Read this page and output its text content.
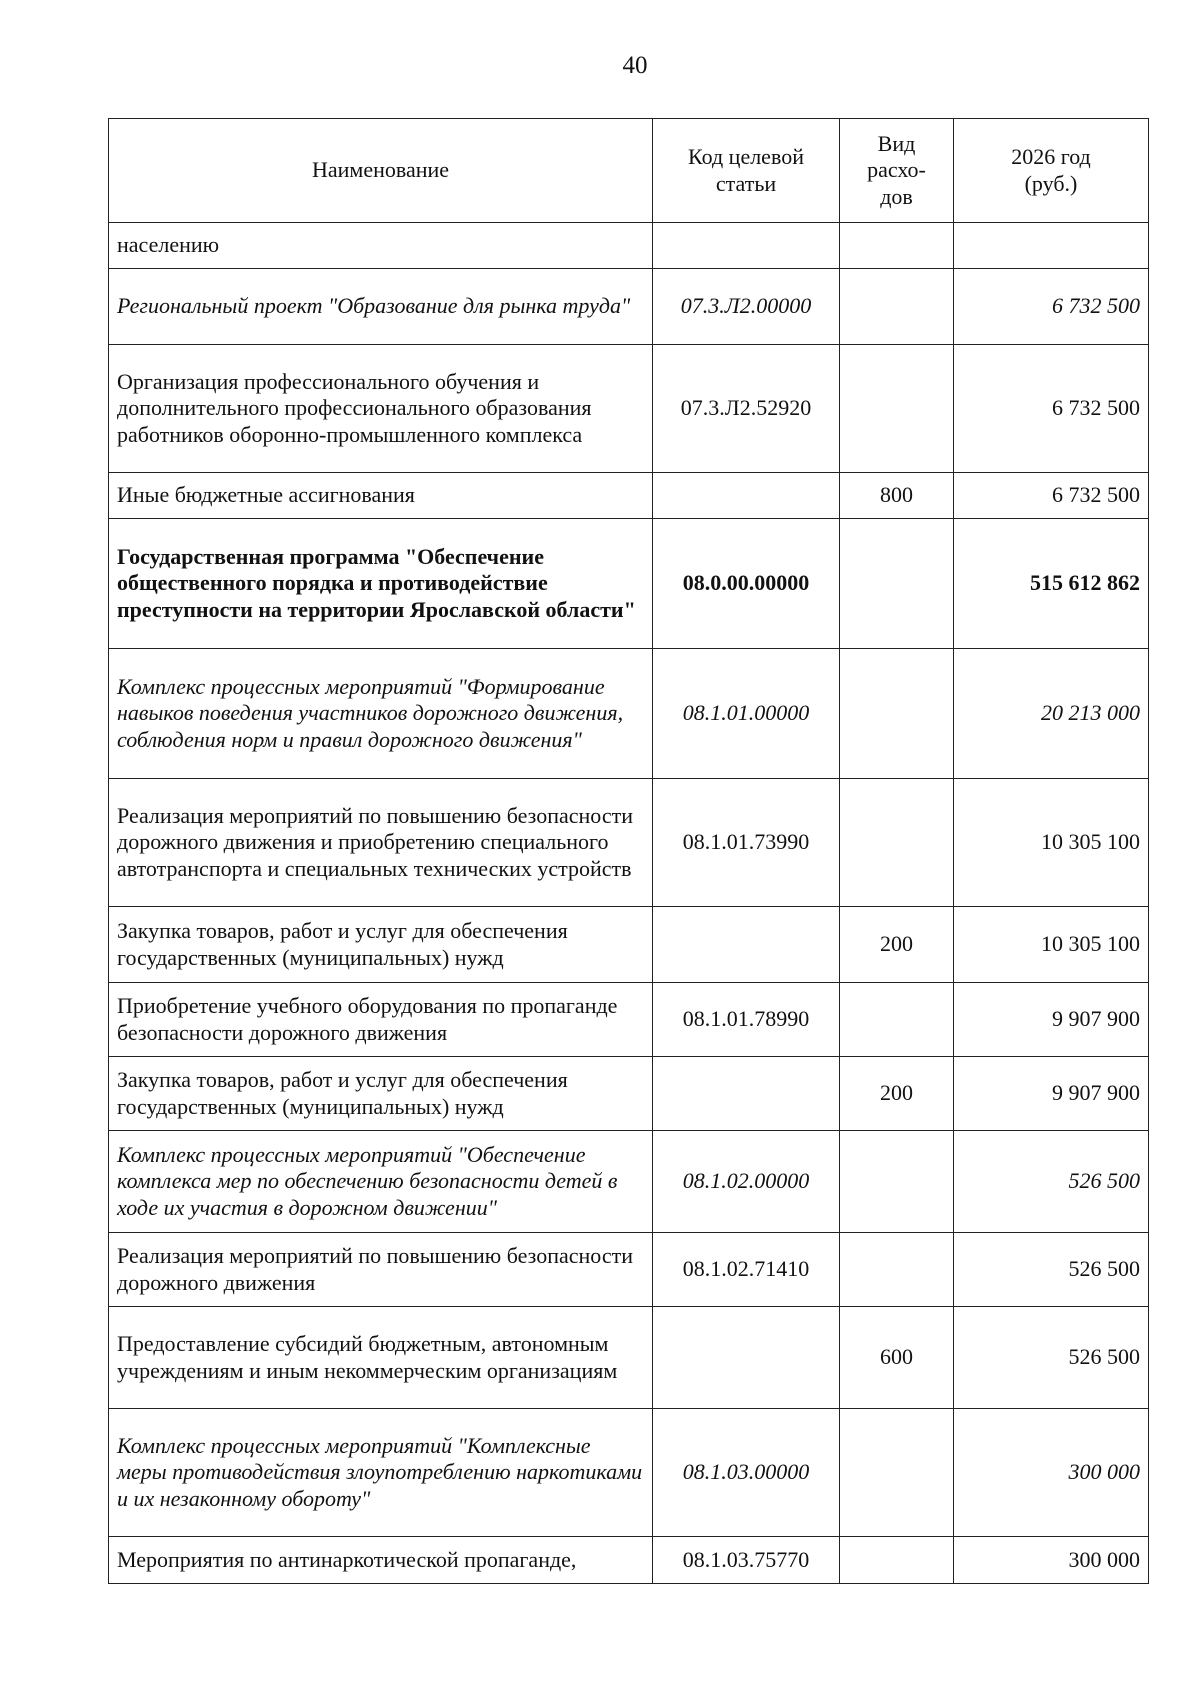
40
Наименование	Код целевой статьи	Вид расхо-дов	2026 год (руб.)
населению			
Региональный проект "Образование для рынка труда"	07.3.Л2.00000		6 732 500
Организация профессионального обучения и дополнительного профессионального образования работников оборонно-промышленного комплекса	07.3.Л2.52920		6 732 500
Иные бюджетные ассигнования		800	6 732 500
Государственная программа "Обеспечение общественного порядка и противодействие преступности на территории Ярославской области"	08.0.00.00000		515 612 862
Комплекс процессных мероприятий "Формирование навыков поведения участников дорожного движения, соблюдения норм и правил дорожного движения"	08.1.01.00000		20 213 000
Реализация мероприятий по повышению безопасности дорожного движения и приобретению специального автотранспорта и специальных технических устройств	08.1.01.73990		10 305 100
Закупка товаров, работ и услуг для обеспечения государственных (муниципальных) нужд		200	10 305 100
Приобретение учебного оборудования по пропаганде безопасности дорожного движения	08.1.01.78990		9 907 900
Закупка товаров, работ и услуг для обеспечения государственных (муниципальных) нужд		200	9 907 900
Комплекс процессных мероприятий "Обеспечение комплекса мер по обеспечению безопасности детей в ходе их участия в дорожном движении"	08.1.02.00000		526 500
Реализация мероприятий по повышению безопасности дорожного движения	08.1.02.71410		526 500
Предоставление субсидий бюджетным, автономным учреждениям и иным некоммерческим организациям		600	526 500
Комплекс процессных мероприятий "Комплексные меры противодействия злоупотреблению наркотиками и их незаконному обороту"	08.1.03.00000		300 000
Мероприятия по антинаркотической пропаганде,	08.1.03.75770		300 000
